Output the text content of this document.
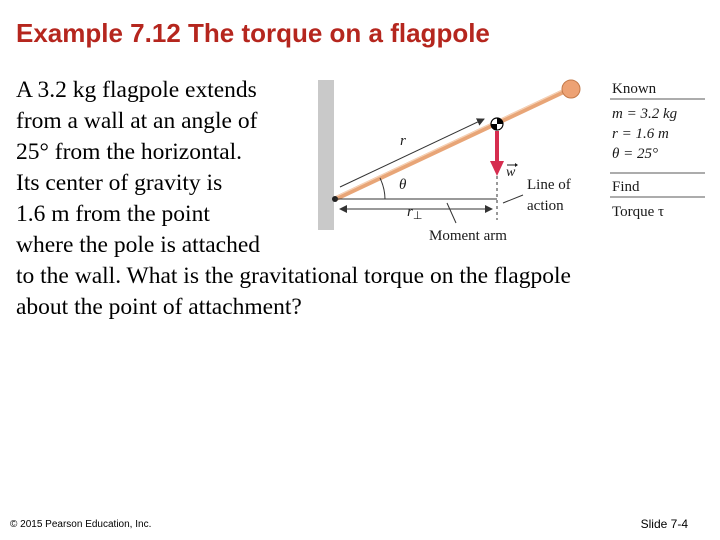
Example 7.12 The torque on a flagpole
A 3.2 kg flagpole extends
from a wall at an angle of
25° from the horizontal.
Its center of gravity is
1.6 m from the point
where the pole is attached
to the wall. What is the gravitational torque on the flagpole
about the point of attachment?
r
w
θ
$r_\perp$
Line of
action
Moment arm
Known
m = 3.2 kg
r = 1.6 m
θ = 25°
Find
Torque τ
© 2015 Pearson Education, Inc.	Slide 7-4
